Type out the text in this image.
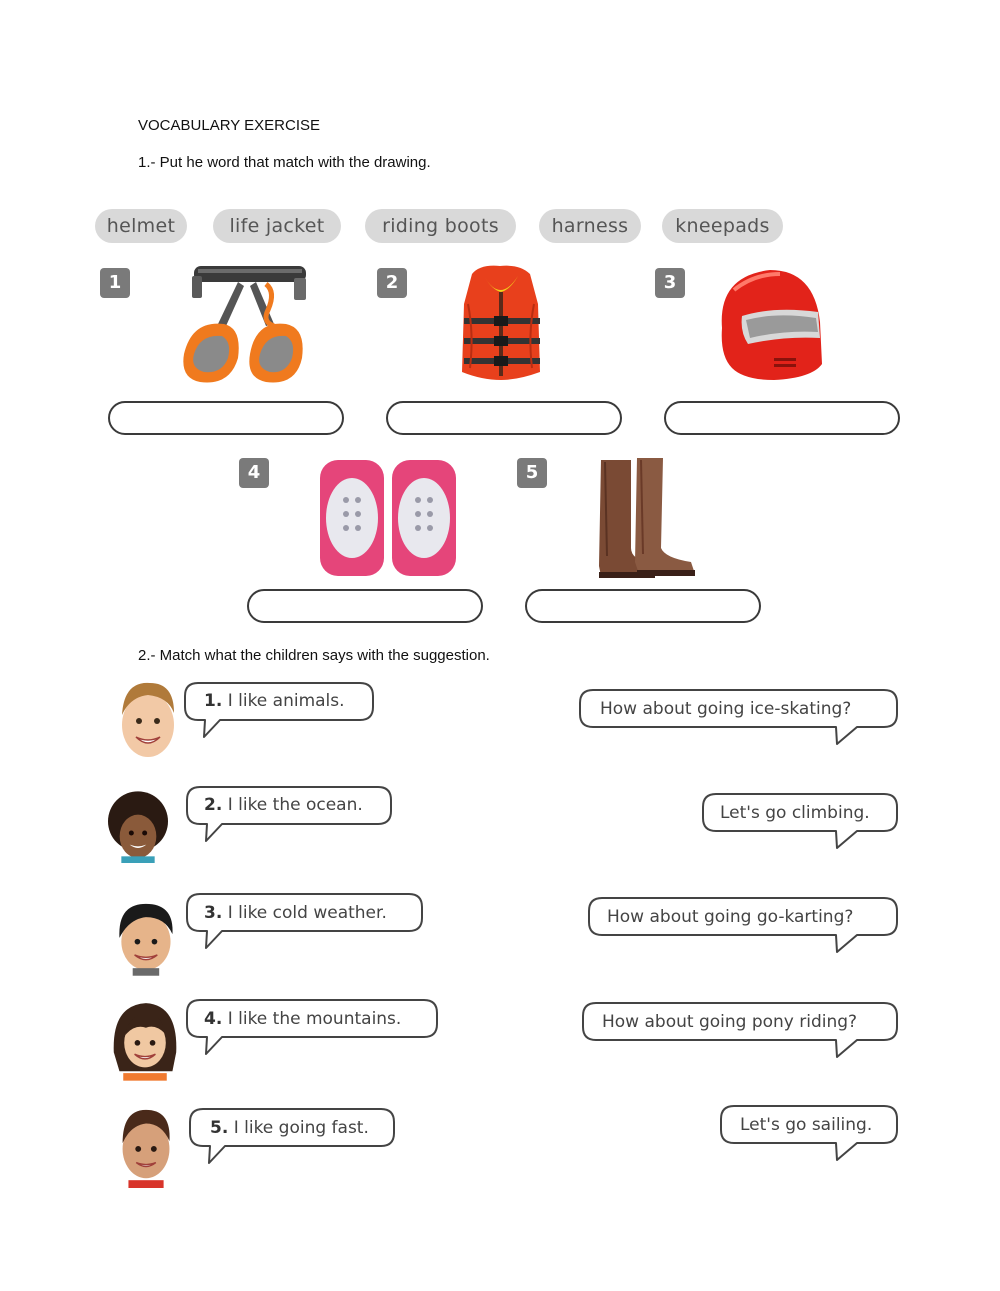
VOCABULARY EXERCISE
1.- Put he word that match with the drawing.
helmet	life jacket	riding boots	harness	kneepads
1	2	3
4	5
2.- Match what the children says with the suggestion.
1. I like animals.
2. I like the ocean.
3. I like cold weather.
4. I like the mountains.
5. I like going fast.
How about going ice-skating?
Let's go climbing.
How about going go-karting?
How about going pony riding?
Let's go sailing.
